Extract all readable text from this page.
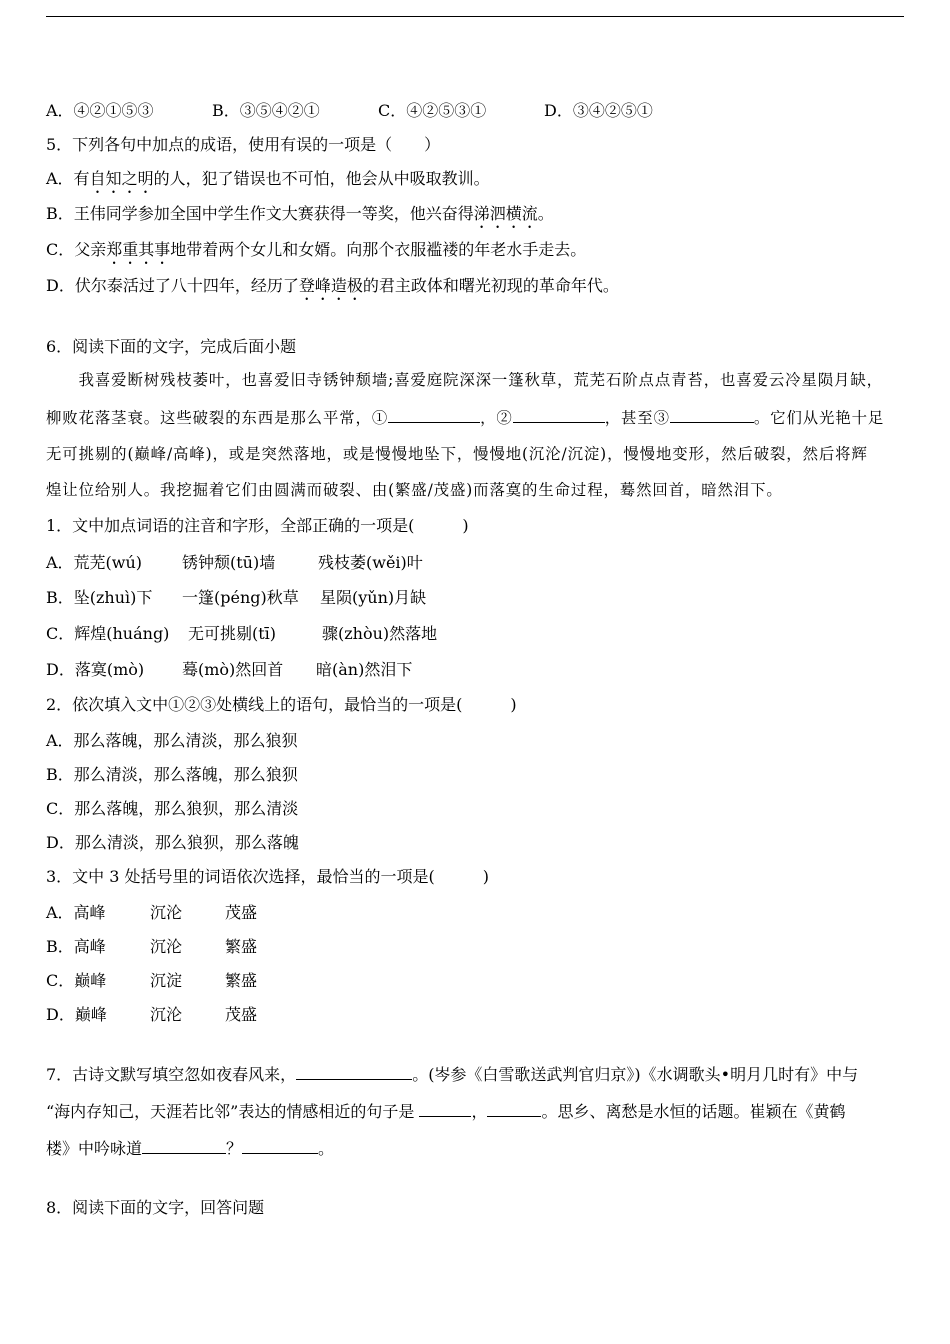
A．④②①⑤③	B．③⑤④②①	C．④②⑤③①	D．③④②⑤①
5．下列各句中加点的成语，使用有误的一项是（　　）
A．有自知之明的人，犯了错误也不可怕，他会从中吸取教训。
B．王伟同学参加全国中学生作文大赛获得一等奖，他兴奋得涕泗横流。
C．父亲郑重其事地带着两个女儿和女婿。向那个衣服褴褛的年老水手走去。
D．伏尔泰活过了八十四年，经历了登峰造极的君主政体和曙光初现的革命年代。
6．阅读下面的文字，完成后面小题
　　我喜爱断树残枝萎叶，也喜爱旧寺锈钟颓墙;喜爱庭院深深一篷秋草，荒芜石阶点点青苔，也喜爱云冷星陨月缺，
柳败花落茎衰。这些破裂的东西是那么平常，①	，②	，甚至③	。它们从光艳十足
无可挑剔的(巅峰/高峰)，或是突然落地，或是慢慢地坠下，慢慢地(沉沦/沉淀)，慢慢地变形，然后破裂，然后将辉
煌让位给别人。我挖掘着它们由圆满而破裂、由(繁盛/茂盛)而落寞的生命过程，蓦然回首，暗然泪下。
1．文中加点词语的注音和字形，全部正确的一项是(　　　)
A．荒芜(wú) 锈钟颓(tū)墙	残枝萎(wěi)叶
B．坠(zhuì)下 一篷(péng)秋草 星陨(yǔn)月缺
C．辉煌(huáng) 无可挑剔(tī)	骤(zhòu)然落地
D．落寞(mò) 蓦(mò)然回首 暗(àn)然泪下
2．依次填入文中①②③处横线上的语句，最恰当的一项是(　　　)
A．那么落魄，那么清淡，那么狼狈
B．那么清淡，那么落魄，那么狼狈
C．那么落魄，那么狼狈，那么清淡
D．那么清淡，那么狼狈，那么落魄
3．文中 3 处括号里的词语依次选择，最恰当的一项是(　　　)
A．高峰	沉沦	茂盛
B．高峰	沉沦	繁盛
C．巅峰	沉淀	繁盛
D．巅峰	沉沦	茂盛
7．古诗文默写填空忽如夜春风来，	。(岑参《白雪歌送武判官归京》)《水调歌头•明月几时有》中与
“海内存知己，天涯若比邻”表达的情感相近的句子是	，	。思乡、离愁是水恒的话题。崔颖在《黄鹤
楼》中吟咏道	？	。
8．阅读下面的文字，回答问题
